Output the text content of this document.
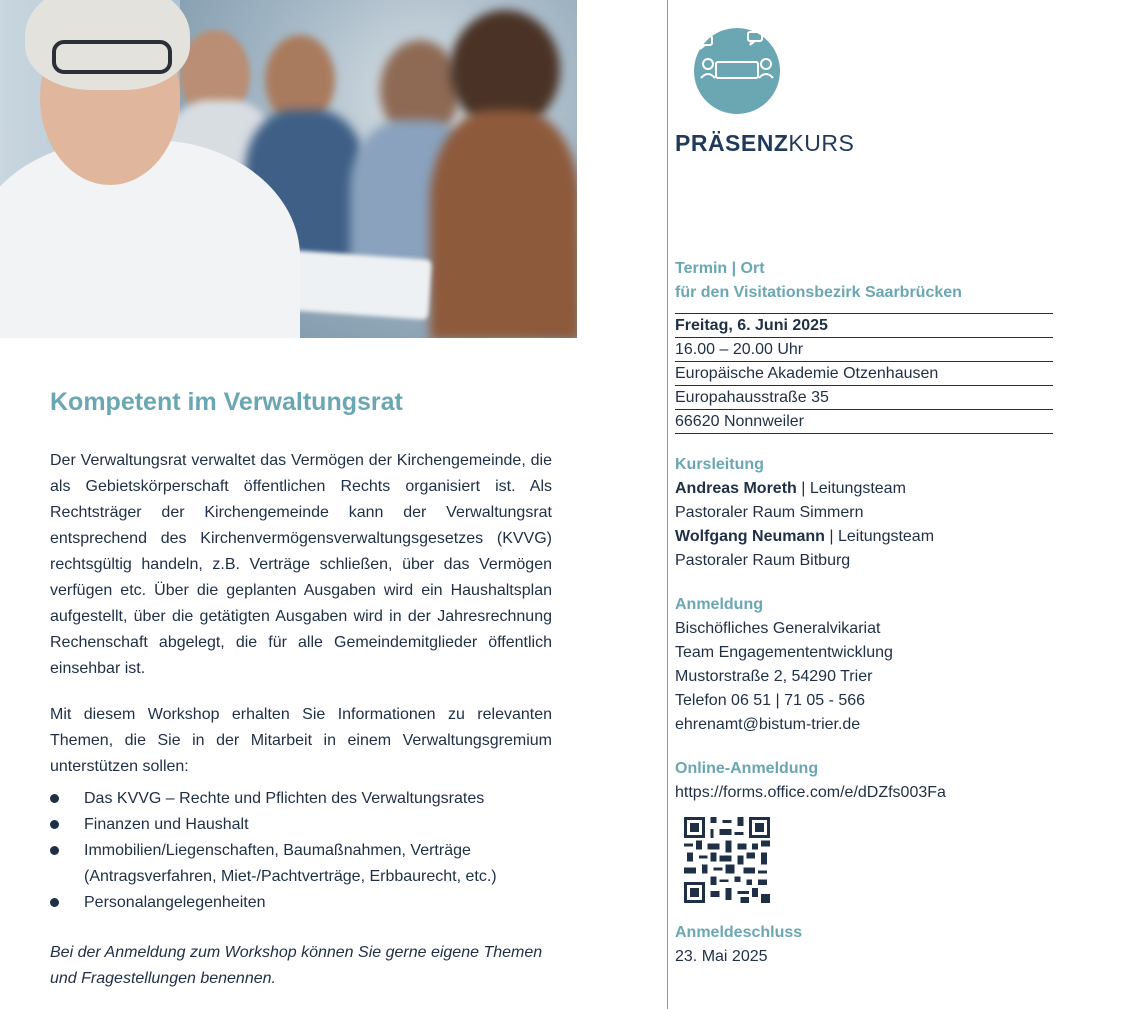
Kompetent im Verwaltungsrat

Der Verwaltungsrat verwaltet das Vermögen der Kirchengemeinde, die als Gebietskörperschaft öffentlichen Rechts organisiert ist. Als Rechtsträger der Kirchengemeinde kann der Verwaltungsrat entsprechend des Kirchenvermögensverwaltungsgesetzes (KVVG) rechtsgültig handeln, z.B. Verträge schließen, über das Vermögen verfügen etc. Über die geplanten Ausgaben wird ein Haushaltsplan aufgestellt, über die getätigten Ausgaben wird in der Jahresrechnung Rechenschaft abgelegt, die für alle Gemeindemitglieder öffentlich einsehbar ist.

Mit diesem Workshop erhalten Sie Informationen zu relevanten Themen, die Sie in der Mitarbeit in einem Verwaltungsgremium unterstützen sollen:

Das KVVG – Rechte und Pflichten des Verwaltungsrates
Finanzen und Haushalt
Immobilien/Liegenschaften, Baumaßnahmen, Verträge (Antragsverfahren, Miet-/Pachtverträge, Erbbaurecht, etc.)
Personalangelegenheiten

Bei der Anmeldung zum Workshop können Sie gerne eigene Themen und Fragestellungen benennen.

PRÄSENZKURS
Termin | Ort
für den Visitationsbezirk Saarbrücken
Freitag, 6. Juni 2025
16.00 – 20.00 Uhr
Europäische Akademie Otzenhausen
Europahausstraße 35
66620 Nonnweiler
Kursleitung
Andreas Moreth | Leitungsteam
Pastoraler Raum Simmern
Wolfgang Neumann | Leitungsteam
Pastoraler Raum Bitburg
Anmeldung
Bischöfliches Generalvikariat
Team Engagemententwicklung
Mustorstraße 2, 54290 Trier
Telefon 06 51 | 71 05 - 566
ehrenamt@bistum-trier.de
Online-Anmeldung
https://forms.office.com/e/dDZfs003Fa
Anmeldeschluss
23. Mai 2025
